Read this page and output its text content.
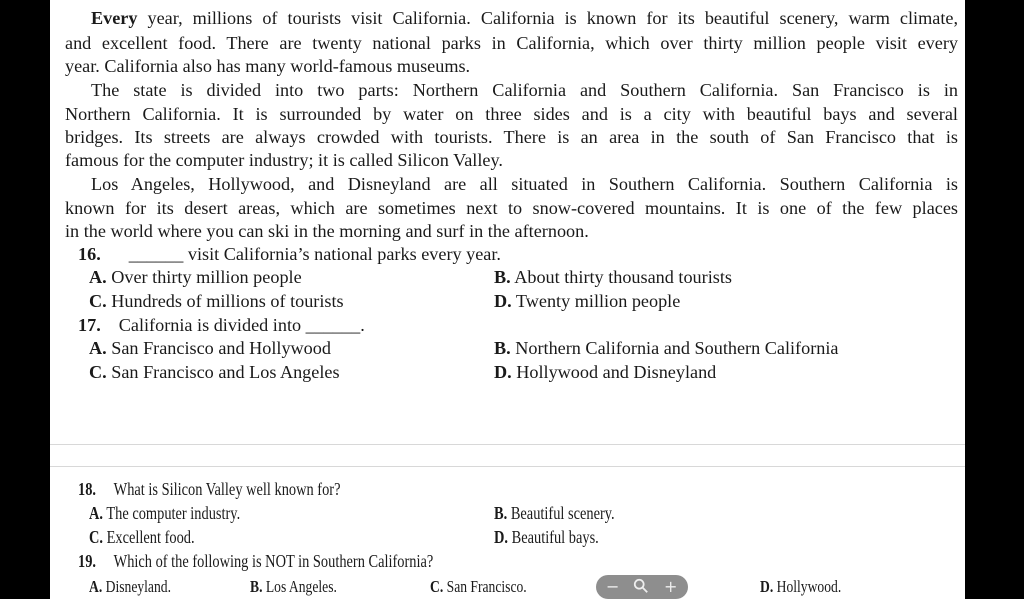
Every year, millions of tourists visit California. California is known for its beautiful scenery, warm climate,
and excellent food. There are twenty national parks in California, which over thirty million people visit every
year. California also has many world-famous museums.
The state is divided into two parts: Northern California and Southern California. San Francisco is in
Northern California. It is surrounded by water on three sides and is a city with beautiful bays and several
bridges. Its streets are always crowded with tourists. There is an area in the south of San Francisco that is
famous for the computer industry; it is called Silicon Valley.
Los Angeles, Hollywood, and Disneyland are all situated in Southern California. Southern California is
known for its desert areas, which are sometimes next to snow-covered mountains. It is one of the few places
in the world where you can ski in the morning and surf in the afternoon.
16. ______ visit California’s national parks every year.
A. Over thirty million people	B. About thirty thousand tourists
C. Hundreds of millions of tourists	D. Twenty million people
17. California is divided into ______.
A. San Francisco and Hollywood	B. Northern California and Southern California
C. San Francisco and Los Angeles	D. Hollywood and Disneyland
18. What is Silicon Valley well known for?
A. The computer industry.	B. Beautiful scenery.
C. Excellent food.	D. Beautiful bays.
19. Which of the following is NOT in Southern California?
A. Disneyland.	B. Los Angeles.	C. San Francisco.	D. Hollywood.
−	+
